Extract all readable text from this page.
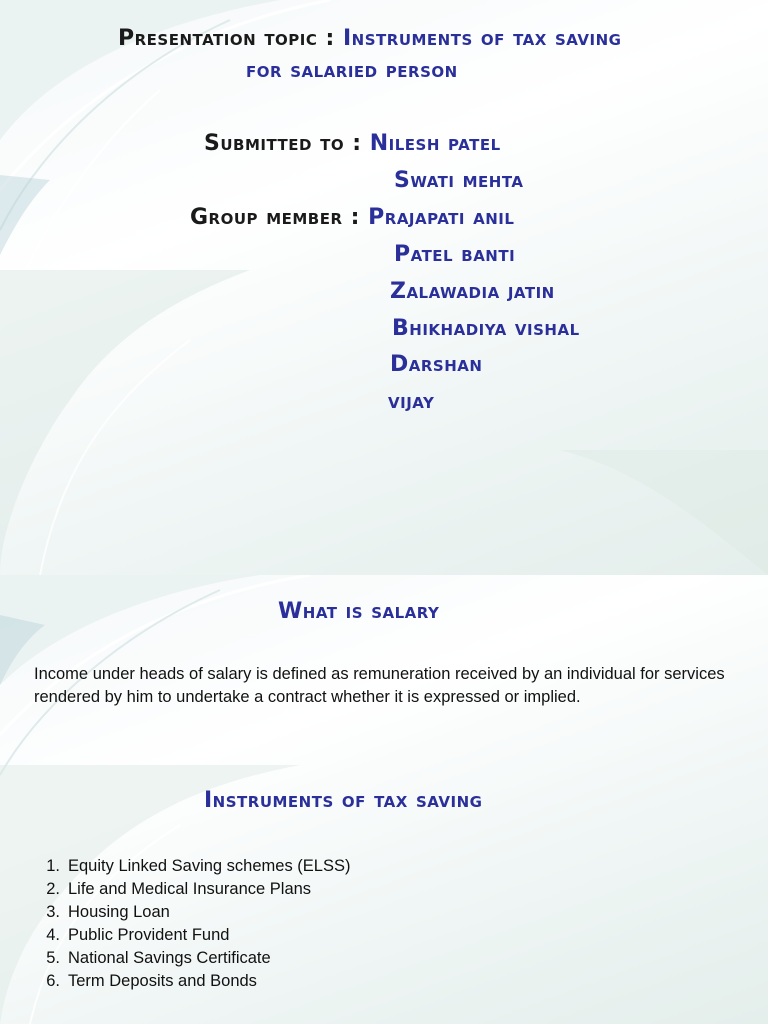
Presentation topic : Instruments of tax saving
for salaried person
Submitted to : Nilesh patel
Swati mehta
Group member : Prajapati anil
Patel banti
Zalawadia jatin
Bhikhadiya vishal
Darshan
vijay
What is salary
Income under heads of salary is defined as remuneration received by an individual for services rendered by him to undertake a contract whether it is expressed or implied.
Instruments of tax saving
1. Equity Linked Saving schemes (ELSS)
2. Life and Medical Insurance Plans
3. Housing Loan
4. Public Provident Fund
5. National Savings Certificate
6. Term Deposits and Bonds
